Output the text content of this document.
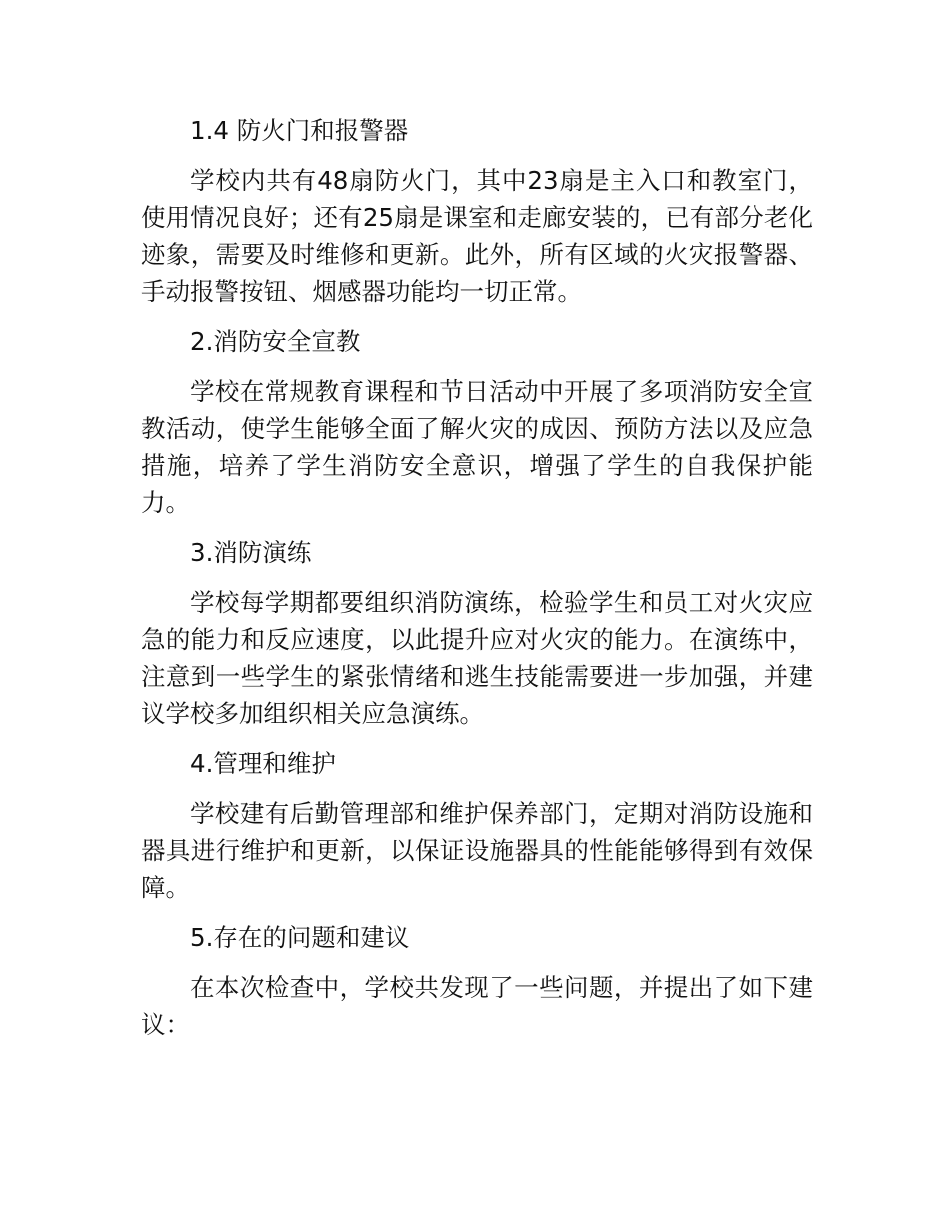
1.4 防火门和报警器

学校内共有48扇防火门，其中23扇是主入口和教室门，使用情况良好；还有25扇是课室和走廊安装的，已有部分老化迹象，需要及时维修和更新。此外，所有区域的火灾报警器、手动报警按钮、烟感器功能均一切正常。

2.消防安全宣教

学校在常规教育课程和节日活动中开展了多项消防安全宣教活动，使学生能够全面了解火灾的成因、预防方法以及应急措施，培养了学生消防安全意识，增强了学生的自我保护能力。

3.消防演练

学校每学期都要组织消防演练，检验学生和员工对火灾应急的能力和反应速度，以此提升应对火灾的能力。在演练中，注意到一些学生的紧张情绪和逃生技能需要进一步加强，并建议学校多加组织相关应急演练。

4.管理和维护

学校建有后勤管理部和维护保养部门，定期对消防设施和器具进行维护和更新，以保证设施器具的性能能够得到有效保障。

5.存在的问题和建议

在本次检查中，学校共发现了一些问题，并提出了如下建议：
